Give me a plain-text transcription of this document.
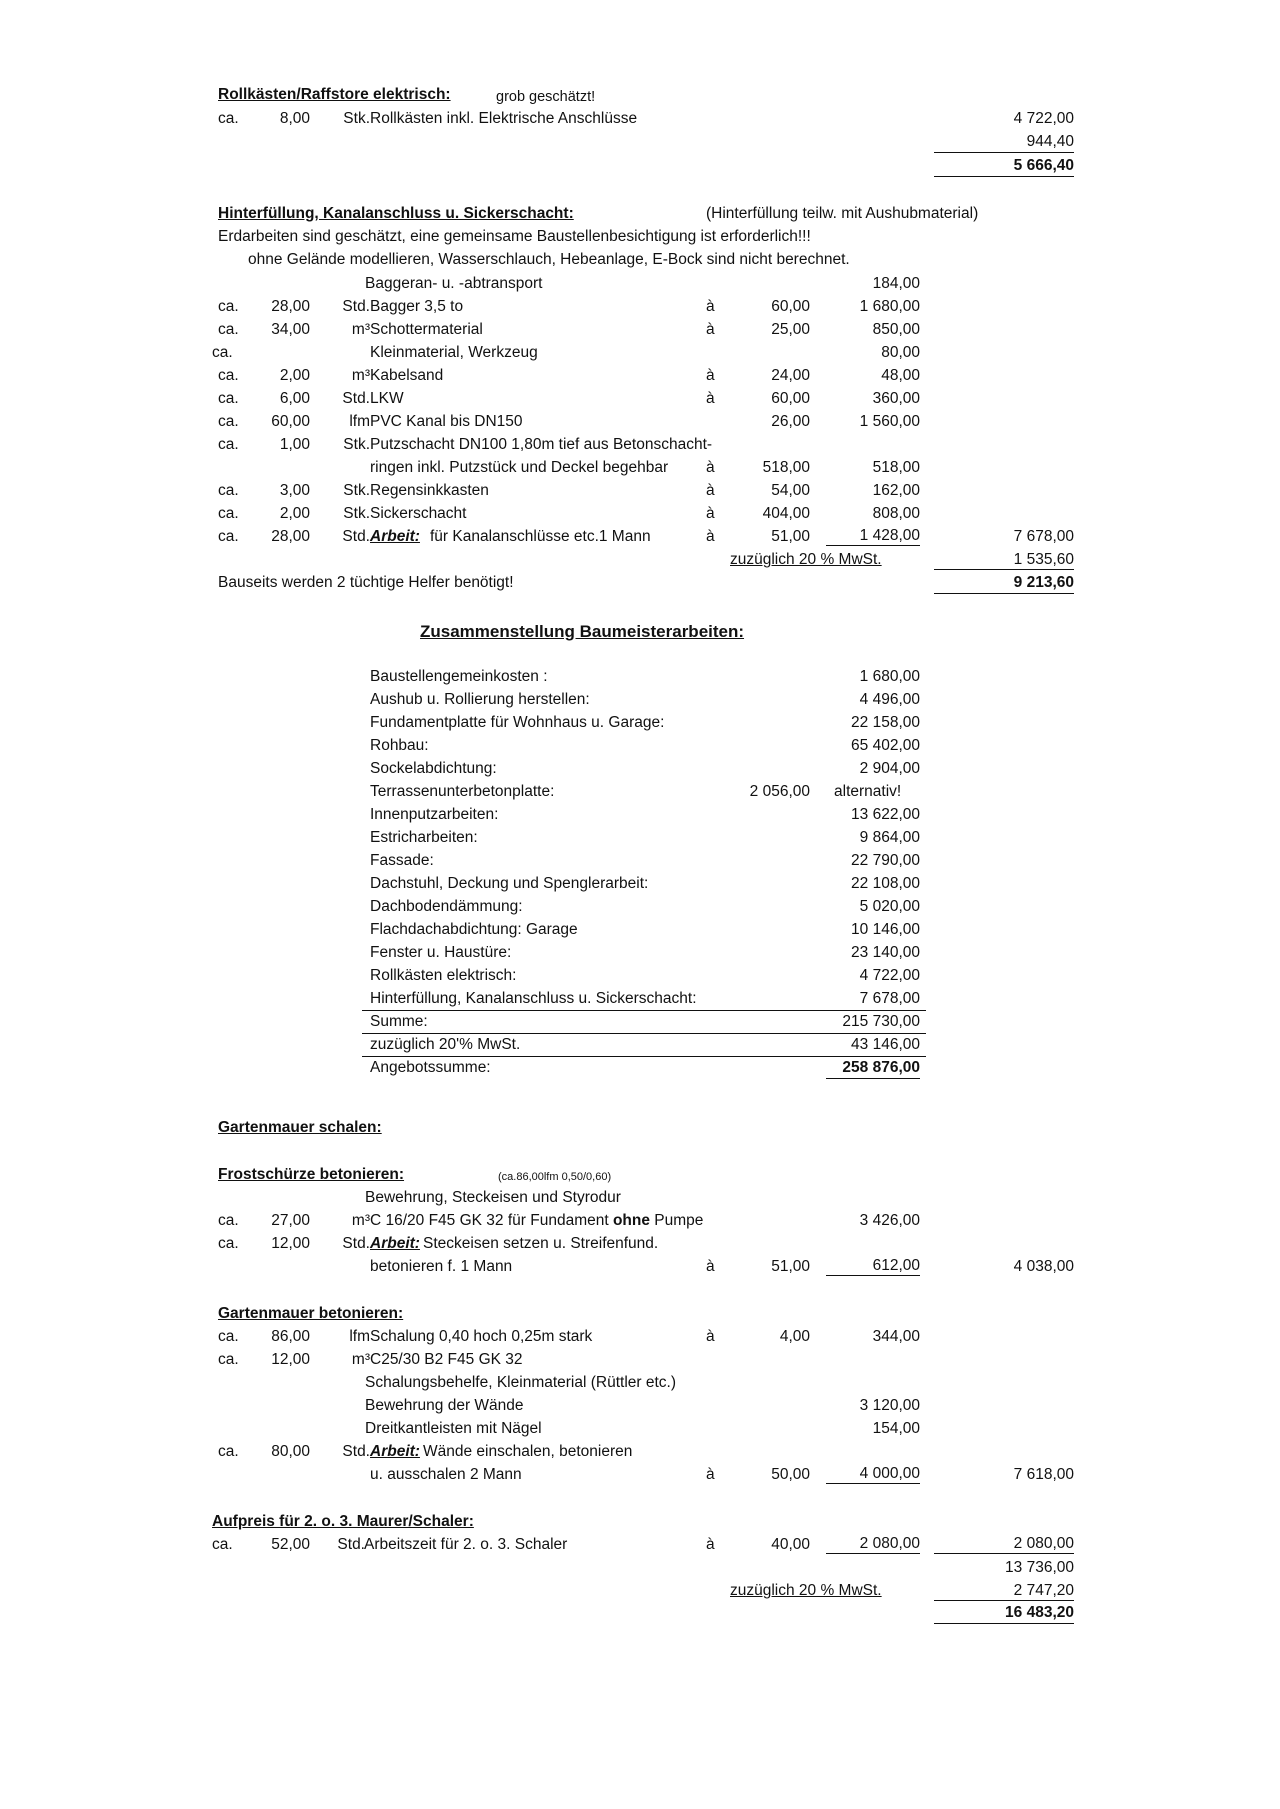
Rollkästen/Raffstore elektrisch:	grob geschätzt!
ca.	8,00	Stk. Rollkästen inkl. Elektrische Anschlüsse	4 722,00
944,40
5 666,40
Hinterfüllung, Kanalanschluss u. Sickerschacht:	(Hinterfüllung teilw. mit Aushubmaterial)
Erdarbeiten sind geschätzt, eine gemeinsame Baustellenbesichtigung ist erforderlich!!!
ohne Gelände modellieren, Wasserschlauch, Hebeanlage, E-Bock sind nicht berechnet.
Baggeran- u. -abtransport	184,00
ca.	28,00	Std. Bagger 3,5 to	à	60,00	1 680,00
ca.	34,00	m³ Schottermaterial	à	25,00	850,00
ca.	Kleinmaterial, Werkzeug	80,00
ca.	2,00	m³ Kabelsand	à	24,00	48,00
ca.	6,00	Std. LKW	à	60,00	360,00
ca.	60,00	lfm PVC Kanal bis DN150	26,00	1 560,00
ca.	1,00	Stk. Putzschacht DN100 1,80m tief aus Betonschacht-
ringen inkl. Putzstück und Deckel begehbar à	518,00	518,00
ca.	3,00	Stk. Regensinkkasten	à	54,00	162,00
ca.	2,00	Stk. Sickerschacht	à	404,00	808,00
ca.	28,00	Std. Arbeit: für Kanalanschlüsse etc.1 Mann	à	51,00	1 428,00	7 678,00
zuzüglich 20 % MwSt.	1 535,60
Bauseits werden 2 tüchtige Helfer benötigt!	9 213,60
Zusammenstellung Baumeisterarbeiten:
Baustellengemeinkosten :	1 680,00
Aushub u. Rollierung herstellen:	4 496,00
Fundamentplatte für Wohnhaus u. Garage:	22 158,00
Rohbau:	65 402,00
Sockelabdichtung:	2 904,00
Terrassenunterbetonplatte:	2 056,00 alternativ!
Innenputzarbeiten:	13 622,00
Estricharbeiten:	9 864,00
Fassade:	22 790,00
Dachstuhl, Deckung und Spenglerarbeit:	22 108,00
Dachbodendämmung:	5 020,00
Flachdachabdichtung: Garage	10 146,00
Fenster u. Haustüre:	23 140,00
Rollkästen elektrisch:	4 722,00
Hinterfüllung, Kanalanschluss u. Sickerschacht:	7 678,00
Summe:	215 730,00
zuzüglich 20'% MwSt.	43 146,00
Angebotssumme:	258 876,00
Gartenmauer schalen:
Frostschürze betonieren:	(ca.86,00lfm 0,50/0,60)
Bewehrung, Steckeisen und Styrodur
ca.	27,00	m³ C 16/20 F45 GK 32 für Fundament ohne Pumpe	3 426,00
ca.	12,00	Std. Arbeit: Steckeisen setzen u. Streifenfund.
betonieren f. 1 Mann	à	51,00	612,00	4 038,00
Gartenmauer betonieren:
ca.	86,00	lfm Schalung 0,40 hoch 0,25m stark	à	4,00	344,00
ca.	12,00	m³ C25/30 B2 F45 GK 32
Schalungsbehelfe, Kleinmaterial (Rüttler etc.)
Bewehrung der Wände	3 120,00
Dreitkantleisten mit Nägel	154,00
ca.	80,00	Std. Arbeit: Wände einschalen, betonieren
u. ausschalen 2 Mann	à	50,00	4 000,00	7 618,00
Aufpreis für 2. o. 3. Maurer/Schaler:
ca.	52,00	Std. Arbeitszeit für 2. o. 3. Schaler	à	40,00	2 080,00	2 080,00
13 736,00
zuzüglich 20 % MwSt.	2 747,20
16 483,20
